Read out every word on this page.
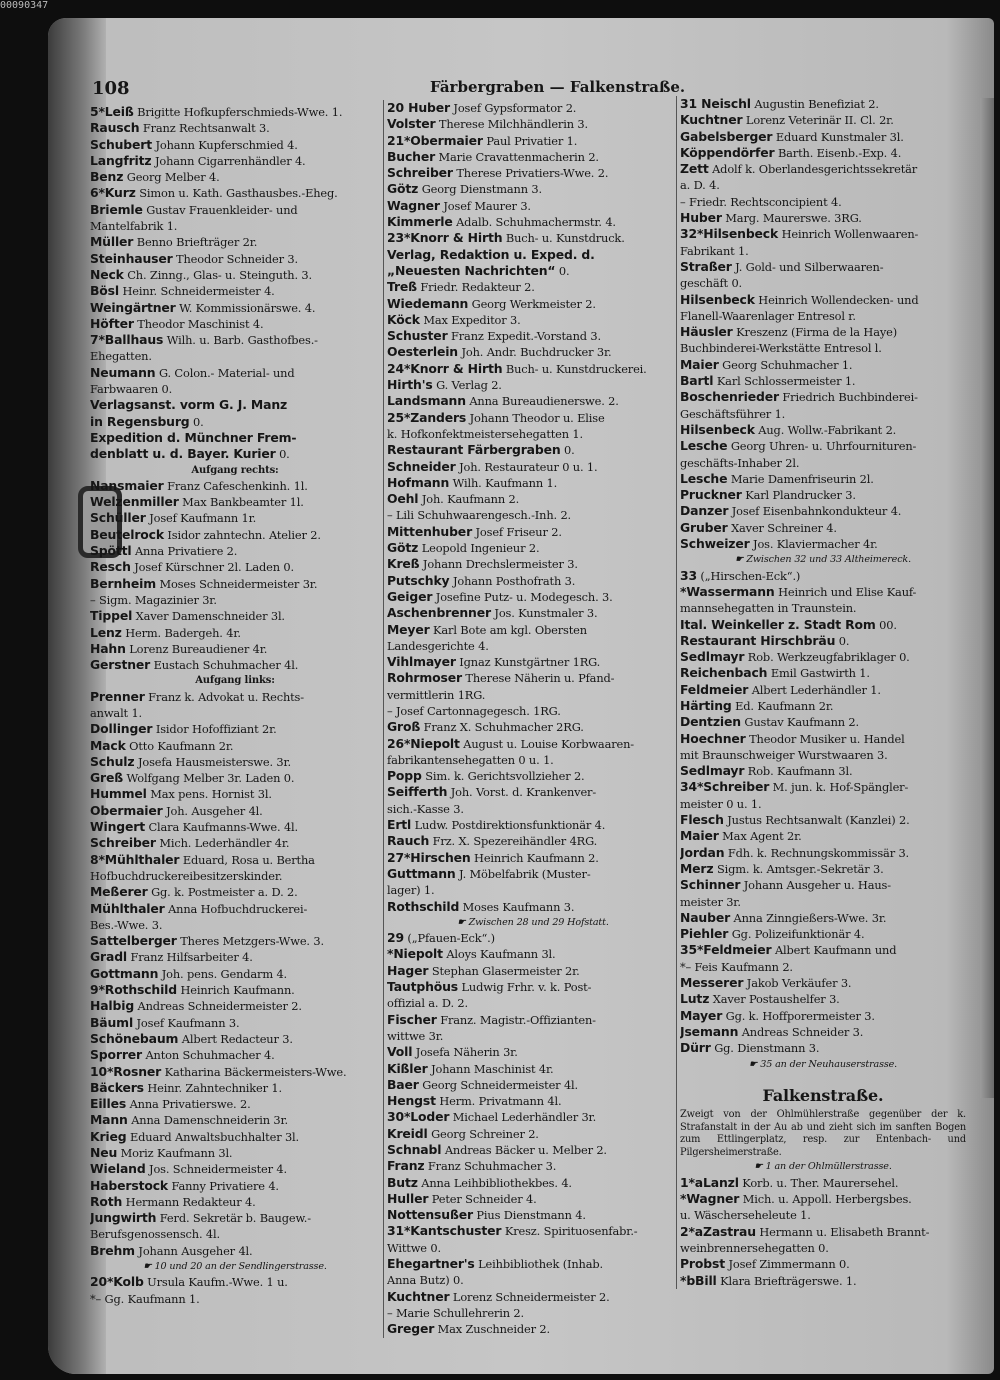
00090347
108	Färbergraben — Falkenstraße.
5*Leiß Brigitte Hofkupferschmieds-Wwe. 1.
Rausch Franz Rechtsanwalt 3.
Schubert Johann Kupferschmied 4.
Langfritz Johann Cigarrenhändler 4.
Benz Georg Melber 4.
6*Kurz Simon u. Kath. Gasthausbes.-Eheg.
Briemle Gustav Frauenkleider- und
Mantelfabrik 1.
Müller Benno Briefträger 2r.
Steinhauser Theodor Schneider 3.
Neck Ch. Zinng., Glas- u. Steinguth. 3.
Bösl Heinr. Schneidermeister 4.
Weingärtner W. Kommissionärswe. 4.
Höfter Theodor Maschinist 4.
7*Ballhaus Wilh. u. Barb. Gasthofbes.-
Ehegatten.
Neumann G. Colon.- Material- und
Farbwaaren 0.
Verlagsanst. vorm G. J. Manz
in Regensburg 0.
Expedition d. Münchner Frem-
denblatt u. d. Bayer. Kurier 0.
Aufgang rechts:
Nansmaier Franz Cafeschenkinh. 1l.
Welzenmiller Max Bankbeamter 1l.
Schüller Josef Kaufmann 1r.
Beutelrock Isidor zahntechn. Atelier 2.
Spöttl Anna Privatiere 2.
Resch Josef Kürschner 2l. Laden 0.
Bernheim Moses Schneidermeister 3r.
– Sigm. Magazinier 3r.
Tippel Xaver Damenschneider 3l.
Lenz Herm. Badergeh. 4r.
Hahn Lorenz Bureaudiener 4r.
Gerstner Eustach Schuhmacher 4l.
Aufgang links:
Prenner Franz k. Advokat u. Rechts-
anwalt 1.
Dollinger Isidor Hofoffiziant 2r.
Mack Otto Kaufmann 2r.
Schulz Josefa Hausmeisterswe. 3r.
Greß Wolfgang Melber 3r. Laden 0.
Hummel Max pens. Hornist 3l.
Obermaier Joh. Ausgeher 4l.
Wingert Clara Kaufmanns-Wwe. 4l.
Schreiber Mich. Lederhändler 4r.
8*Mühlthaler Eduard, Rosa u. Bertha
Hofbuchdruckereibesitzerskinder.
Meßerer Gg. k. Postmeister a. D. 2.
Mühlthaler Anna Hofbuchdruckerei-
Bes.-Wwe. 3.
Sattelberger Theres Metzgers-Wwe. 3.
Gradl Franz Hilfsarbeiter 4.
Gottmann Joh. pens. Gendarm 4.
9*Rothschild Heinrich Kaufmann.
Halbig Andreas Schneidermeister 2.
Bäuml Josef Kaufmann 3.
Schönebaum Albert Redacteur 3.
Sporrer Anton Schuhmacher 4.
10*Rosner Katharina Bäckermeisters-Wwe.
Bäckers Heinr. Zahntechniker 1.
Eilles Anna Privatierswe. 2.
Mann Anna Damenschneiderin 3r.
Krieg Eduard Anwaltsbuchhalter 3l.
Neu Moriz Kaufmann 3l.
Wieland Jos. Schneidermeister 4.
Haberstock Fanny Privatiere 4.
Roth Hermann Redakteur 4.
Jungwirth Ferd. Sekretär b. Baugew.-
Berufsgenossensch. 4l.
Brehm Johann Ausgeher 4l.
☛ 10 und 20 an der Sendlingerstrasse.
20*Kolb Ursula Kaufm.-Wwe. 1 u.
*– Gg. Kaufmann 1.
20 Huber Josef Gypsformator 2.
Volster Therese Milchhändlerin 3.
21*Obermaier Paul Privatier 1.
Bucher Marie Cravattenmacherin 2.
Schreiber Therese Privatiers-Wwe. 2.
Götz Georg Dienstmann 3.
Wagner Josef Maurer 3.
Kimmerle Adalb. Schuhmachermstr. 4.
23*Knorr & Hirth Buch- u. Kunstdruck.
Verlag, Redaktion u. Exped. d.
„Neuesten Nachrichten“ 0.
Treß Friedr. Redakteur 2.
Wiedemann Georg Werkmeister 2.
Köck Max Expeditor 3.
Schuster Franz Expedit.-Vorstand 3.
Oesterlein Joh. Andr. Buchdrucker 3r.
24*Knorr & Hirth Buch- u. Kunstdruckerei.
Hirth's G. Verlag 2.
Landsmann Anna Bureaudienerswe. 2.
25*Zanders Johann Theodor u. Elise
k. Hofkonfektmeistersehegatten 1.
Restaurant Färbergraben 0.
Schneider Joh. Restaurateur 0 u. 1.
Hofmann Wilh. Kaufmann 1.
Oehl Joh. Kaufmann 2.
– Lili Schuhwaarengesch.-Inh. 2.
Mittenhuber Josef Friseur 2.
Götz Leopold Ingenieur 2.
Kreß Johann Drechslermeister 3.
Putschky Johann Posthofrath 3.
Geiger Josefine Putz- u. Modegesch. 3.
Aschenbrenner Jos. Kunstmaler 3.
Meyer Karl Bote am kgl. Obersten
Landesgerichte 4.
Vihlmayer Ignaz Kunstgärtner 1RG.
Rohrmoser Therese Näherin u. Pfand-
vermittlerin 1RG.
– Josef Cartonnagegesch. 1RG.
Groß Franz X. Schuhmacher 2RG.
26*Niepolt August u. Louise Korbwaaren-
fabrikantensehegatten 0 u. 1.
Popp Sim. k. Gerichtsvollzieher 2.
Seifferth Joh. Vorst. d. Krankenver-
sich.-Kasse 3.
Ertl Ludw. Postdirektionsfunktionär 4.
Rauch Frz. X. Spezereihändler 4RG.
27*Hirschen Heinrich Kaufmann 2.
Guttmann J. Möbelfabrik (Muster-
lager) 1.
Rothschild Moses Kaufmann 3.
☛ Zwischen 28 und 29 Hofstatt.
29 („Pfauen-Eck“.)
*Niepolt Aloys Kaufmann 3l.
Hager Stephan Glasermeister 2r.
Tautphöus Ludwig Frhr. v. k. Post-
offizial a. D. 2.
Fischer Franz. Magistr.-Offizianten-
wittwe 3r.
Voll Josefa Näherin 3r.
Kißler Johann Maschinist 4r.
Baer Georg Schneidermeister 4l.
Hengst Herm. Privatmann 4l.
30*Loder Michael Lederhändler 3r.
Kreidl Georg Schreiner 2.
Schnabl Andreas Bäcker u. Melber 2.
Franz Franz Schuhmacher 3.
Butz Anna Leihbibliothekbes. 4.
Huller Peter Schneider 4.
Nottensußer Pius Dienstmann 4.
31*Kantschuster Kresz. Spirituosenfabr.-
Wittwe 0.
Ehegartner's Leihbibliothek (Inhab.
Anna Butz) 0.
Kuchtner Lorenz Schneidermeister 2.
– Marie Schullehrerin 2.
Greger Max Zuschneider 2.
31 Neischl Augustin Benefiziat 2.
Kuchtner Lorenz Veterinär II. Cl. 2r.
Gabelsberger Eduard Kunstmaler 3l.
Köppendörfer Barth. Eisenb.-Exp. 4.
Zett Adolf k. Oberlandesgerichtssekretär
a. D. 4.
– Friedr. Rechtsconcipient 4.
Huber Marg. Maurerswe. 3RG.
32*Hilsenbeck Heinrich Wollenwaaren-
Fabrikant 1.
Straßer J. Gold- und Silberwaaren-
geschäft 0.
Hilsenbeck Heinrich Wollendecken- und
Flanell-Waarenlager Entresol r.
Häusler Kreszenz (Firma de la Haye)
Buchbinderei-Werkstätte Entresol l.
Maier Georg Schuhmacher 1.
Bartl Karl Schlossermeister 1.
Boschenrieder Friedrich Buchbinderei-
Geschäftsführer 1.
Hilsenbeck Aug. Wollw.-Fabrikant 2.
Lesche Georg Uhren- u. Uhrfournituren-
geschäfts-Inhaber 2l.
Lesche Marie Damenfriseurin 2l.
Pruckner Karl Plandrucker 3.
Danzer Josef Eisenbahnkondukteur 4.
Gruber Xaver Schreiner 4.
Schweizer Jos. Klaviermacher 4r.
☛ Zwischen 32 und 33 Altheimereck.
33 („Hirschen-Eck“.)
*Wassermann Heinrich und Elise Kauf-
mannsehegatten in Traunstein.
Ital. Weinkeller z. Stadt Rom 00.
Restaurant Hirschbräu 0.
Sedlmayr Rob. Werkzeugfabriklager 0.
Reichenbach Emil Gastwirth 1.
Feldmeier Albert Lederhändler 1.
Härting Ed. Kaufmann 2r.
Dentzien Gustav Kaufmann 2.
Hoechner Theodor Musiker u. Handel
mit Braunschweiger Wurstwaaren 3.
Sedlmayr Rob. Kaufmann 3l.
34*Schreiber M. jun. k. Hof-Spängler-
meister 0 u. 1.
Flesch Justus Rechtsanwalt (Kanzlei) 2.
Maier Max Agent 2r.
Jordan Fdh. k. Rechnungskommissär 3.
Merz Sigm. k. Amtsger.-Sekretär 3.
Schinner Johann Ausgeher u. Haus-
meister 3r.
Nauber Anna Zinngießers-Wwe. 3r.
Piehler Gg. Polizeifunktionär 4.
35*Feldmeier Albert Kaufmann und
*– Feis Kaufmann 2.
Messerer Jakob Verkäufer 3.
Lutz Xaver Postaushelfer 3.
Mayer Gg. k. Hoffporermeister 3.
Jsemann Andreas Schneider 3.
Dürr Gg. Dienstmann 3.
☛ 35 an der Neuhauserstrasse.
Falkenstraße.
Zweigt von der Ohlmühlerstraße gegenüber der k. Strafanstalt in der Au ab und zieht sich im sanften Bogen zum Ettlingerplatz, resp. zur Entenbach- und Pilgersheimerstraße.
☛ 1 an der Ohlmüllerstrasse.
1*aLanzl Korb. u. Ther. Maurersehel.
*Wagner Mich. u. Appoll. Herbergsbes.
u. Wäscherseheleute 1.
2*aZastrau Hermann u. Elisabeth Brannt-
weinbrennersehegatten 0.
Probst Josef Zimmermann 0.
*bBill Klara Briefträgerswe. 1.
